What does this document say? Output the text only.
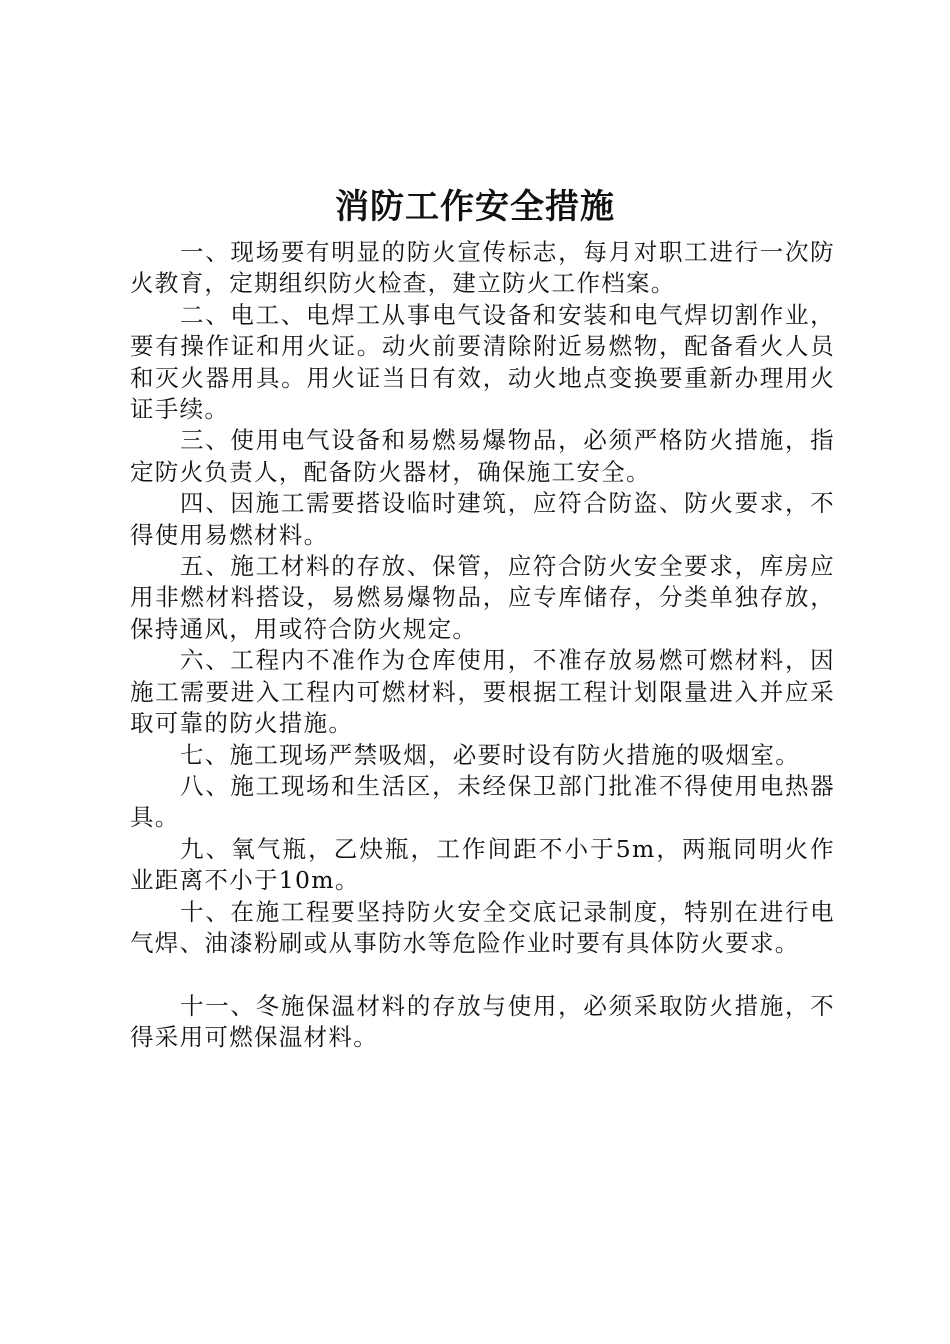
消防工作安全措施

一、现场要有明显的防火宣传标志，每月对职工进行一次防火教育，定期组织防火检查，建立防火工作档案。

二、电工、电焊工从事电气设备和安装和电气焊切割作业，要有操作证和用火证。动火前要清除附近易燃物，配备看火人员和灭火器用具。用火证当日有效，动火地点变换要重新办理用火证手续。

三、使用电气设备和易燃易爆物品，必须严格防火措施，指定防火负责人，配备防火器材，确保施工安全。

四、因施工需要搭设临时建筑，应符合防盗、防火要求，不得使用易燃材料。

五、施工材料的存放、保管，应符合防火安全要求，库房应用非燃材料搭设，易燃易爆物品，应专库储存，分类单独存放，保持通风，用或符合防火规定。

六、工程内不准作为仓库使用，不准存放易燃可燃材料，因施工需要进入工程内可燃材料，要根据工程计划限量进入并应采取可靠的防火措施。

七、施工现场严禁吸烟，必要时设有防火措施的吸烟室。

八、施工现场和生活区，未经保卫部门批准不得使用电热器具。

九、氧气瓶，乙炔瓶，工作间距不小于5m，两瓶同明火作业距离不小于10m。

十、在施工程要坚持防火安全交底记录制度，特别在进行电气焊、油漆粉刷或从事防水等危险作业时要有具体防火要求。

十一、冬施保温材料的存放与使用，必须采取防火措施，不得采用可燃保温材料。
